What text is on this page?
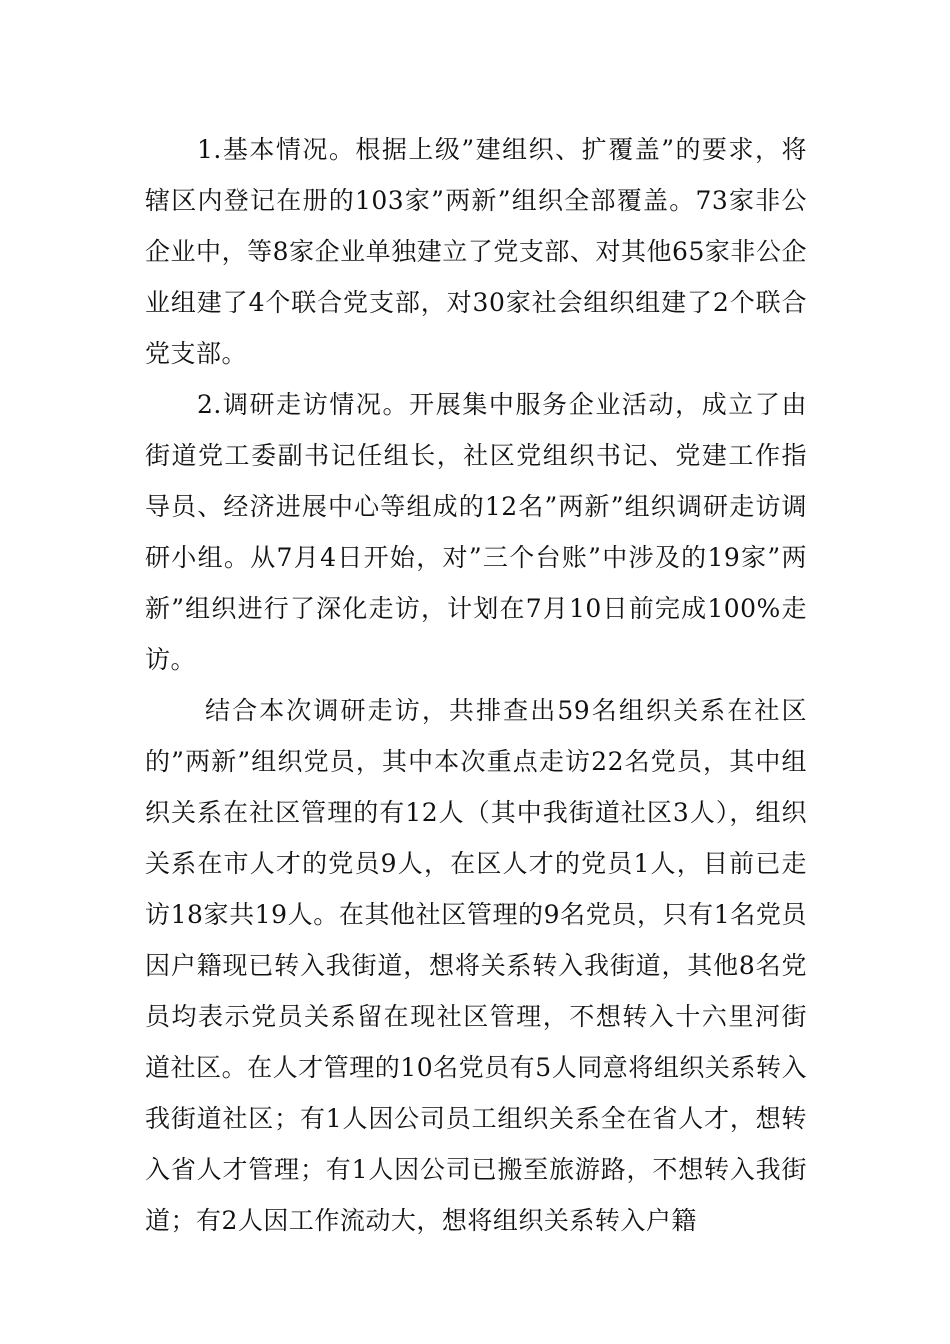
1.基本情况。根据上级”建组织、扩覆盖”的要求，将辖区内登记在册的103家”两新”组织全部覆盖。73家非公企业中，等8家企业单独建立了党支部、对其他65家非公企业组建了4个联合党支部，对30家社会组织组建了2个联合党支部。

2.调研走访情况。开展集中服务企业活动，成立了由街道党工委副书记任组长，社区党组织书记、党建工作指导员、经济进展中心等组成的12名”两新”组织调研走访调研小组。从7月4日开始，对”三个台账”中涉及的19家”两新”组织进行了深化走访，计划在7月10日前完成100%走访。

结合本次调研走访，共排查出59名组织关系在社区的”两新”组织党员，其中本次重点走访22名党员，其中组织关系在社区管理的有12人（其中我街道社区3人），组织关系在市人才的党员9人，在区人才的党员1人，目前已走访18家共19人。在其他社区管理的9名党员，只有1名党员因户籍现已转入我街道，想将关系转入我街道，其他8名党员均表示党员关系留在现社区管理，不想转入十六里河街道社区。在人才管理的10名党员有5人同意将组织关系转入我街道社区；有1人因公司员工组织关系全在省人才，想转入省人才管理；有1人因公司已搬至旅游路，不想转入我街道；有2人因工作流动大，想将组织关系转入户籍
